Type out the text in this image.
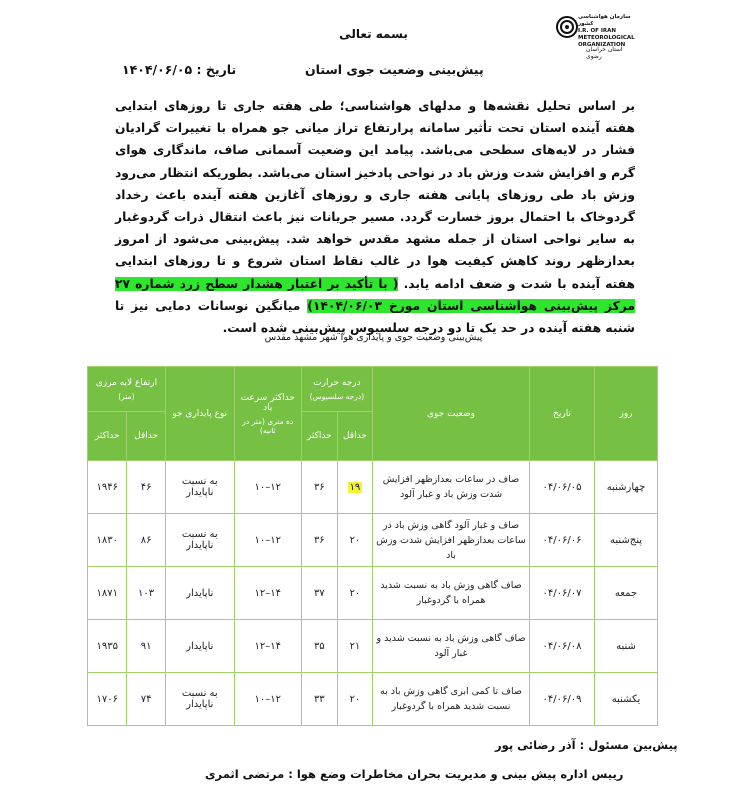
سازمان هواشناسی کشور
I.R. OF IRAN
METEOROLOGICAL
ORGANIZATION
استان خراسان رضوی
بسمه تعالی
پیش‌بینی وضعیت جوی استان
تاریخ : ۱۴۰۴/۰۶/۰۵
بر اساس تحلیل نقشه‌ها و مدلهای هواشناسی؛ طی هفته جاری تا روزهای ابتدایی هفته آینده استان تحت تأثیر سامانه پرارتفاع تراز میانی جو همراه با تغییرات گرادیان فشار در لایه‌های سطحی می‌باشد. پیامد این وضعیت آسمانی صاف، ماندگاری هوای گرم و افزایش شدت وزش باد در نواحی پادخیز استان می‌باشد. بطوریکه انتظار می‌رود وزش باد طی روزهای پایانی هفته جاری و روزهای آغازین هفته آینده باعث رخداد گردوخاک با احتمال بروز خسارت گردد. مسیر جریانات نیز باعث انتقال ذرات گردوغبار به سایر نواحی استان از جمله مشهد مقدس خواهد شد. پیش‌بینی می‌شود از امروز بعدازظهر روند کاهش کیفیت هوا در غالب نقاط استان شروع و تا روزهای ابتدایی هفته آینده با شدت و ضعف ادامه یابد. ( با تأکید بر اعتبار هشدار سطح زرد شماره ۲۷ مرکز پیش‌بینی هواشناسی استان مورخ ۱۴۰۴/۰۶/۰۳) میانگین نوسانات دمایی نیز تا شنبه هفته آینده در حد یک تا دو درجه سلسیوس پیش‌بینی شده است.
پیش‌بینی وضعیت جوی و پایداری هوا شهر مشهد مقدس
روز	تاریخ	وضعیت جوی	درجه حرارت
(درجه سلسیوس)		حداکثر سرعت باد
ده متری (متر در ثانیه)	نوع پایداری جو	ارتفاع لایه مرزی
(متر)	

			حداقل	حداکثر			حداقل	حداکثر
چهارشنبه	۰۴/۰۶/۰۵	صاف در ساعات بعدازظهر افزایش شدت وزش باد و غبار آلود	۱۹	۳۶	۱۲–۱۰	به نسبت ناپایدار	۴۶	۱۹۴۶
پنج‌شنبه	۰۴/۰۶/۰۶	صاف و غبار آلود گاهی وزش باد در ساعات بعدازظهر افزایش شدت وزش باد	۲۰	۳۶	۱۲–۱۰	به نسبت ناپایدار	۸۶	۱۸۳۰
جمعه	۰۴/۰۶/۰۷	صاف گاهی وزش باد به نسبت شدید همراه با گردوغبار	۲۰	۳۷	۱۴–۱۲	ناپایدار	۱۰۳	۱۸۷۱
شنبه	۰۴/۰۶/۰۸	صاف گاهی وزش باد به نسبت شدید و غبار آلود	۲۱	۳۵	۱۴–۱۲	ناپایدار	۹۱	۱۹۳۵
یکشنبه	۰۴/۰۶/۰۹	صاف تا کمی ابری گاهی وزش باد به نسبت شدید همراه با گردوغبار	۲۰	۳۳	۱۲–۱۰	به نسبت ناپایدار	۷۴	۱۷۰۶
پیش‌بین مسئول : آذر رضائی پور
رییس اداره پیش بینی و مدیریت بحران مخاطرات وضع هوا : مرتضی اثمری
